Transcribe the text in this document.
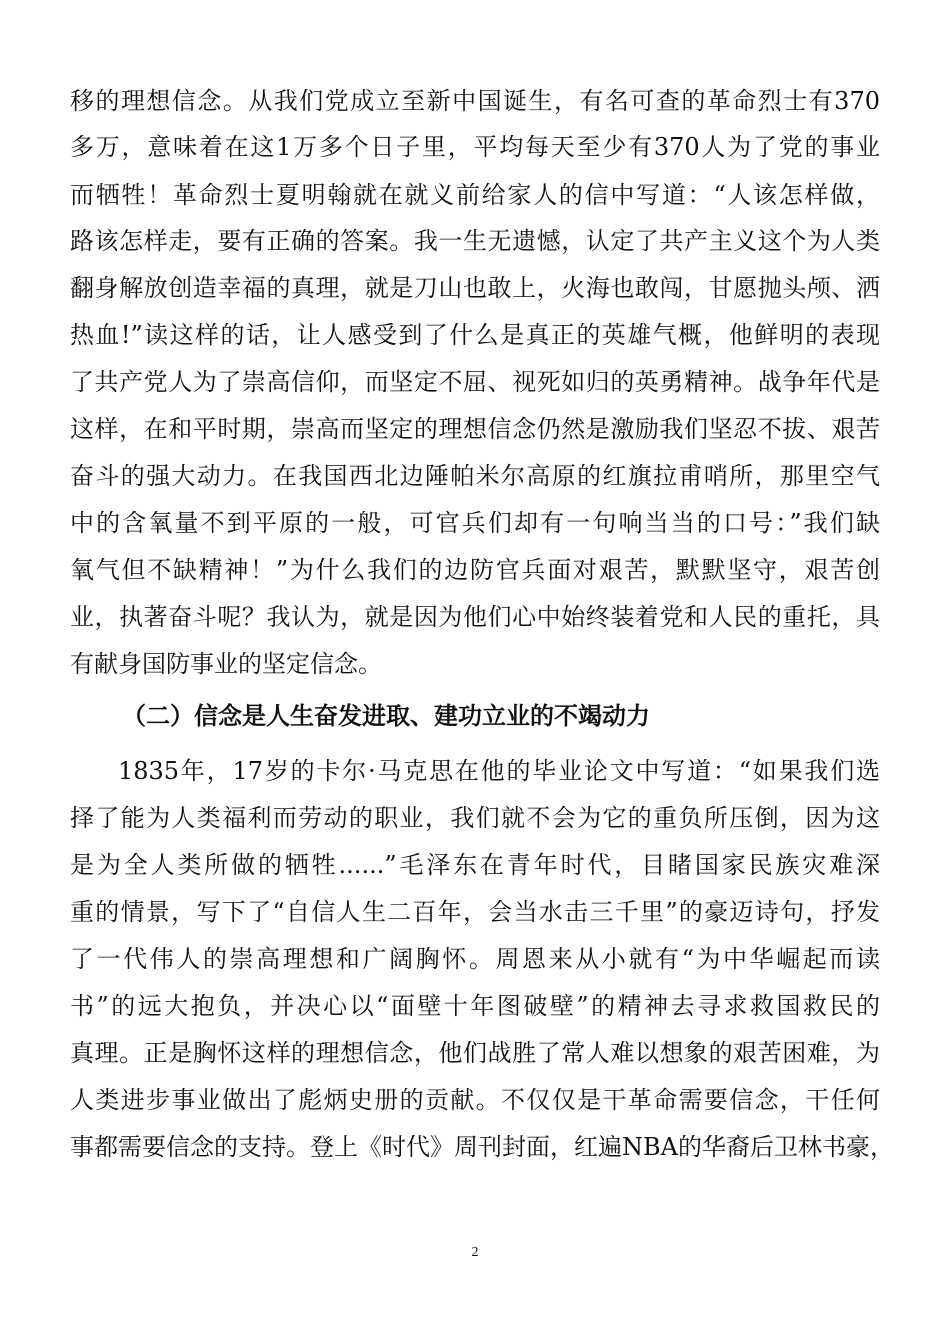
移的理想信念。从我们党成立至新中国诞生，有名可查的革命烈士有370
多万，意味着在这1万多个日子里，平均每天至少有370人为了党的事业
而牺牲！革命烈士夏明翰就在就义前给家人的信中写道：“人该怎样做，
路该怎样走，要有正确的答案。我一生无遗憾，认定了共产主义这个为人类
翻身解放创造幸福的真理，就是刀山也敢上，火海也敢闯，甘愿抛头颅、洒
热血!”读这样的话，让人感受到了什么是真正的英雄气概，他鲜明的表现
了共产党人为了崇高信仰，而坚定不屈、视死如归的英勇精神。战争年代是
这样，在和平时期，崇高而坚定的理想信念仍然是激励我们坚忍不拔、艰苦
奋斗的强大动力。在我国西北边陲帕米尔高原的红旗拉甫哨所，那里空气
中的含氧量不到平原的一般，可官兵们却有一句响当当的口号：”我们缺
氧气但不缺精神！”为什么我们的边防官兵面对艰苦，默默坚守，艰苦创
业，执著奋斗呢？我认为，就是因为他们心中始终装着党和人民的重托，具
有献身国防事业的坚定信念。
（二）信念是人生奋发进取、建功立业的不竭动力
1835年，17岁的卡尔·马克思在他的毕业论文中写道：“如果我们选
择了能为人类福利而劳动的职业，我们就不会为它的重负所压倒，因为这
是为全人类所做的牺牲......”毛泽东在青年时代，目睹国家民族灾难深
重的情景，写下了“自信人生二百年，会当水击三千里”的豪迈诗句，抒发
了一代伟人的崇高理想和广阔胸怀。周恩来从小就有“为中华崛起而读
书”的远大抱负，并决心以“面壁十年图破壁”的精神去寻求救国救民的
真理。正是胸怀这样的理想信念，他们战胜了常人难以想象的艰苦困难，为
人类进步事业做出了彪炳史册的贡献。不仅仅是干革命需要信念，干任何
事都需要信念的支持。登上《时代》周刊封面，红遍NBA的华裔后卫林书豪，
2
